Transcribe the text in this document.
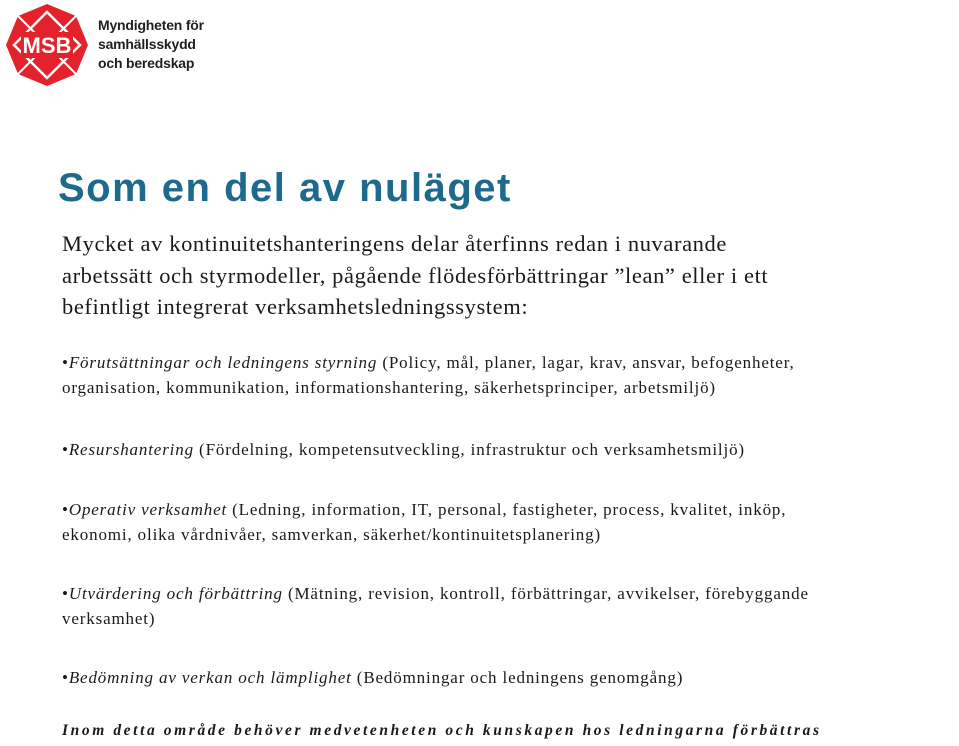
MSB
Myndigheten för
samhällsskydd
och beredskap
Som en del av nuläget
Mycket av kontinuitetshanteringens delar återfinns redan i nuvarande
arbetssätt och styrmodeller, pågående flödesförbättringar ”lean” eller i ett
befintligt integrerat verksamhetsledningssystem:
•Förutsättningar och ledningens styrning (Policy, mål, planer, lagar, krav, ansvar, befogenheter,
organisation, kommunikation, informationshantering, säkerhetsprinciper, arbetsmiljö)
•Resurshantering (Fördelning, kompetensutveckling, infrastruktur och verksamhetsmiljö)
•Operativ verksamhet (Ledning, information, IT, personal, fastigheter, process, kvalitet, inköp,
ekonomi, olika vårdnivåer, samverkan, säkerhet/kontinuitetsplanering)
•Utvärdering och förbättring (Mätning, revision, kontroll, förbättringar, avvikelser, förebyggande
verksamhet)
•Bedömning av verkan och lämplighet (Bedömningar och ledningens genomgång)
Inom detta område behöver medvetenheten och kunskapen hos ledningarna förbättras
